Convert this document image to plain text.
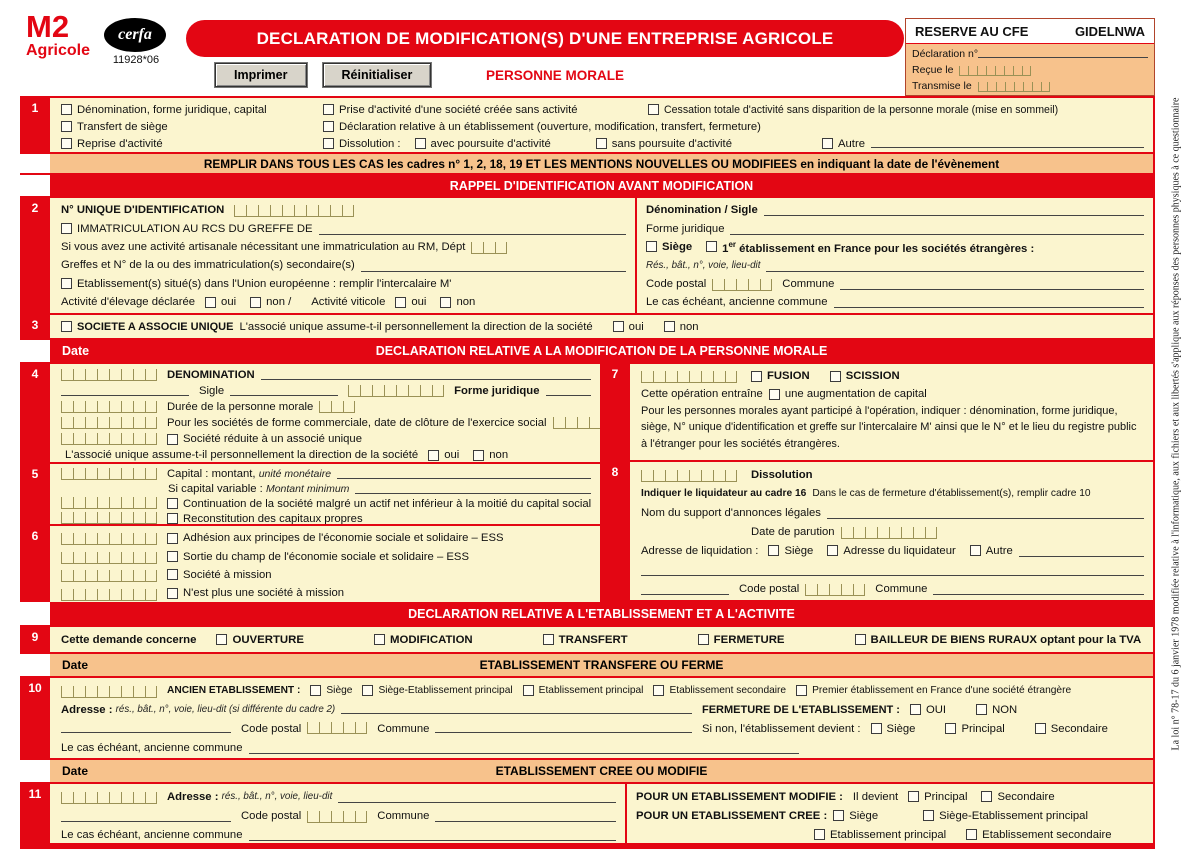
M2
Agricole
cerfa
11928*06
DECLARATION DE MODIFICATION(S) D'UNE ENTREPRISE AGRICOLE
Imprimer	Réinitialiser	PERSONNE MORALE
RESERVE AU CFE	GIDELNWA
Déclaration n°
Reçue le
Transmise le
La loi n° 78-17 du 6 janvier 1978 modifiée relative à l'informatique, aux fichiers et aux libertés s'applique aux réponses des personnes physiques à ce questionnaire
1	Dénomination, forme juridique, capital	Prise d'activité d'une société créée sans activité	Cessation totale d'activité sans disparition de la personne morale (mise en sommeil)
Transfert de siège	Déclaration relative à un établissement (ouverture, modification, transfert, fermeture)
Reprise d'activité	Dissolution :	avec poursuite d'activité	sans poursuite d'activité	Autre
REMPLIR DANS TOUS LES CAS les cadres n° 1, 2, 18, 19 ET LES MENTIONS NOUVELLES OU MODIFIEES en indiquant la date de l'évènement
RAPPEL D'IDENTIFICATION AVANT MODIFICATION
2	N° UNIQUE D'IDENTIFICATION
IMMATRICULATION AU RCS DU GREFFE DE
Si vous avez une activité artisanale nécessitant une immatriculation au RM, Dépt
Greffes et N° de la ou des immatriculation(s) secondaire(s)
Etablissement(s) situé(s) dans l'Union européenne : remplir l'intercalaire M'
Activité d'élevage déclarée oui	non / Activité viticole oui	non
Dénomination / Sigle
Forme juridique
Siège	1er établissement en France pour les sociétés étrangères :
Rés., bât., n°, voie, lieu-dit
Code postal	Commune
Le cas échéant, ancienne commune
3	SOCIETE A ASSOCIE UNIQUE L'associé unique assume-t-il personnellement la direction de la société	oui	non
Date	DECLARATION RELATIVE A LA MODIFICATION DE LA PERSONNE MORALE
4	DENOMINATION
Sigle	Forme juridique
Durée de la personne morale
Pour les sociétés de forme commerciale, date de clôture de l'exercice social
Société réduite à un associé unique
L'associé unique assume-t-il personnellement la direction de la société oui	non
5	Capital : montant,
unité monétaire
Si capital variable :
Montant minimum
Continuation de la société malgré un actif net inférieur à la moitié du capital social
Reconstitution des capitaux propres
6	Adhésion aux principes de l'économie sociale et solidaire – ESS
Sortie du champ de l'économie sociale et solidaire – ESS
Société à mission
N'est plus une société à mission
7	FUSION	SCISSION
Cette opération entraîne une augmentation de capital
Pour les personnes morales ayant participé à l'opération, indiquer : dénomination, forme juridique, siège, N° unique d'identification et greffe sur l'intercalaire M' ainsi que le N° et le lieu du registre public à l'étranger pour les sociétés étrangères.
8	Dissolution
Indiquer le liquidateur au cadre 16 Dans le cas de fermeture d'établissement(s), remplir cadre 10
Nom du support d'annonces légales
Date de parution
Adresse de liquidation : Siège	Adresse du liquidateur	Autre
Code postal	Commune
DECLARATION RELATIVE A L'ETABLISSEMENT ET A L'ACTIVITE
9	Cette demande concerne	OUVERTURE	MODIFICATION	TRANSFERT	FERMETURE	BAILLEUR DE BIENS RURAUX optant pour la TVA
Date	ETABLISSEMENT TRANSFERE OU FERME
10	ANCIEN ETABLISSEMENT :	Siège	Siège-Etablissement principal	Etablissement principal	Etablissement secondaire	Premier établissement en France d'une société étrangère
Adresse :
rés., bât., n°, voie, lieu-dit (si différente du cadre 2)	FERMETURE DE L'ETABLISSEMENT : OUI	NON
Code postal	Commune	Si non, l'établissement devient : Siège	Principal	Secondaire
Le cas échéant, ancienne commune
Date	ETABLISSEMENT CREE OU MODIFIE
11	Adresse :
rés., bât., n°, voie, lieu-dit
Code postal	Commune
Le cas échéant, ancienne commune
POUR UN ETABLISSEMENT MODIFIE : Il devient Principal	Secondaire
POUR UN ETABLISSEMENT CREE : Siège	Siège-Etablissement principal
Etablissement principal	Etablissement secondaire
